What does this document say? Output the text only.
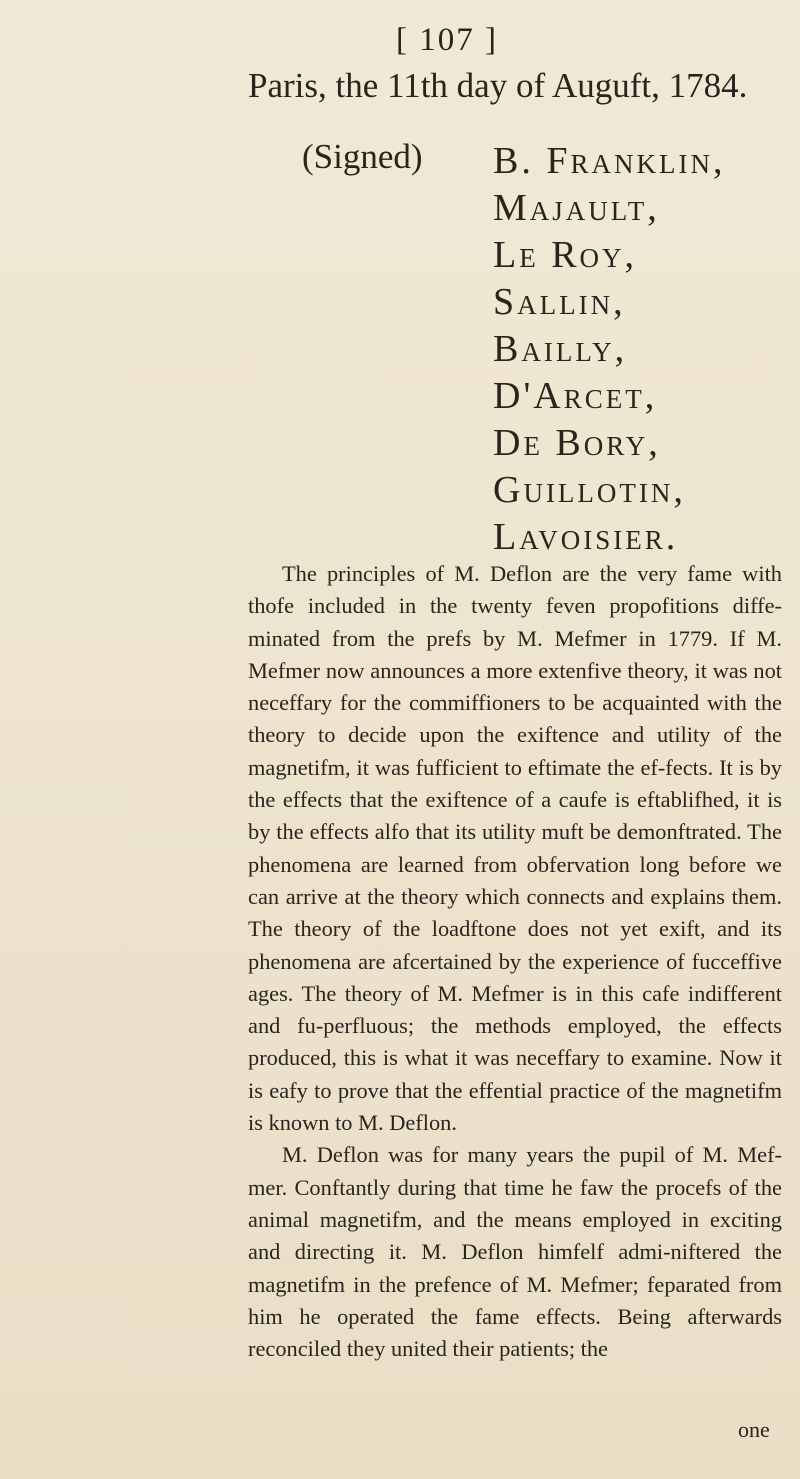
[ 107 ]
Paris, the 11th day of Auguft, 1784.
(Signed) B. Franklin,
Majault,
Le Roy,
Sallin,
Bailly,
D'Arcet,
De Bory,
Guillotin,
Lavoisier.

The principles of M. Deflon are the very fame with thofe included in the twenty feven propofitions diffe-minated from the prefs by M. Mefmer in 1779. If M. Mefmer now announces a more extenfive theory, it was not neceffary for the commiffioners to be acquainted with the theory to decide upon the exiftence and utility of the magnetifm, it was fufficient to eftimate the ef-fects. It is by the effects that the exiftence of a caufe is eftablifhed, it is by the effects alfo that its utility muft be demonftrated. The phenomena are learned from obfervation long before we can arrive at the theory which connects and explains them. The theory of the loadftone does not yet exift, and its phenomena are afcertained by the experience of fucceffive ages. The theory of M. Mefmer is in this cafe indifferent and fu-perfluous; the methods employed, the effects produced, this is what it was neceffary to examine. Now it is eafy to prove that the effential practice of the magnetifm is known to M. Deflon.

M. Deflon was for many years the pupil of M. Mef-mer. Conftantly during that time he faw the procefs of the animal magnetifm, and the means employed in exciting and directing it. M. Deflon himfelf admi-niftered the magnetifm in the prefence of M. Mefmer; feparated from him he operated the fame effects. Being afterwards reconciled they united their patients; the

one
